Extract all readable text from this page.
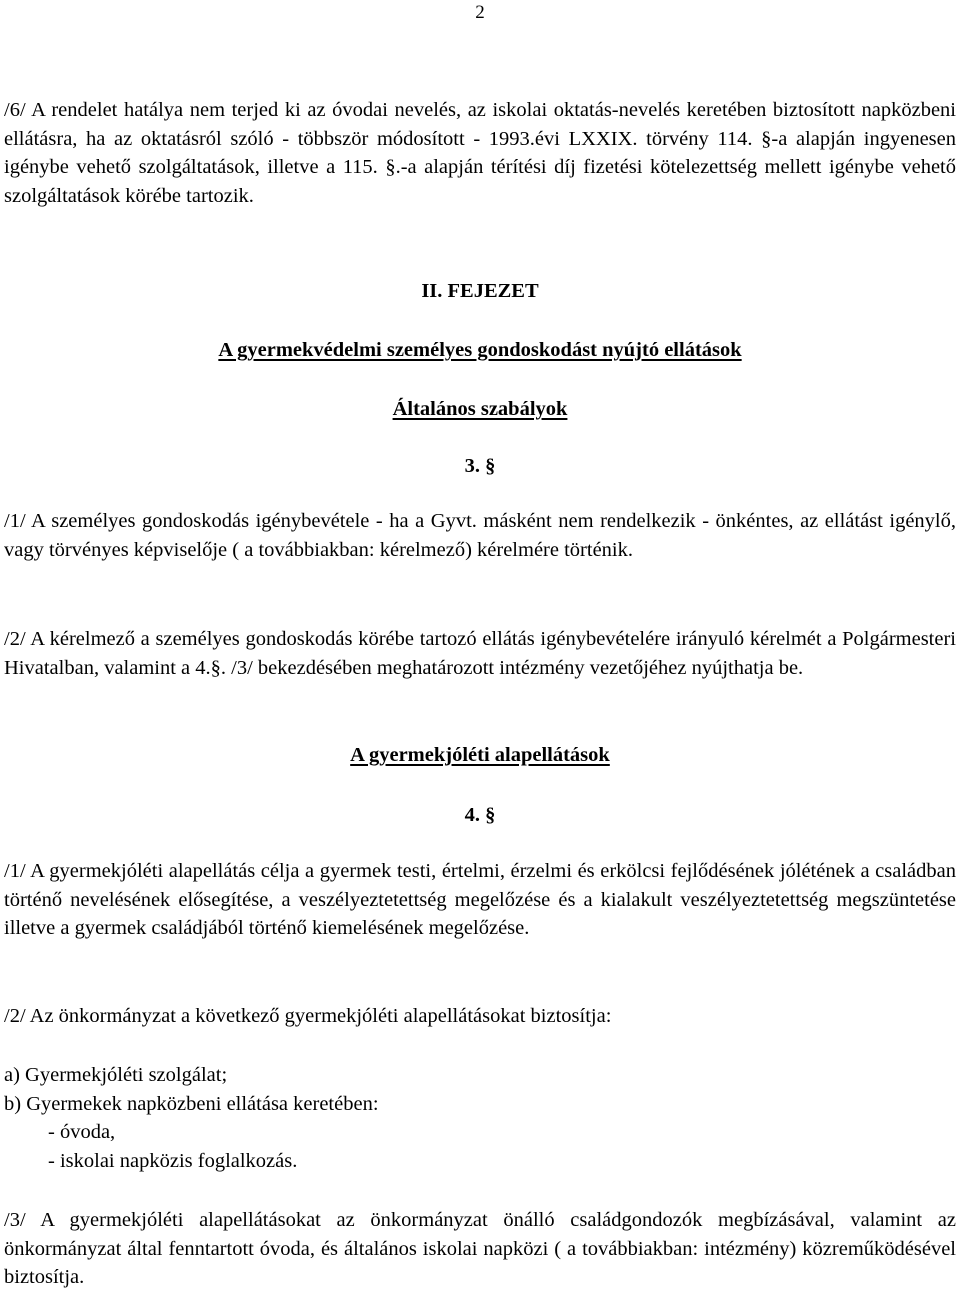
2
/6/ A rendelet hatálya nem terjed ki az óvodai nevelés, az iskolai oktatás-nevelés keretében biztosított napközbeni ellátásra, ha az oktatásról szóló - többször módosított - 1993.évi LXXIX. törvény 114. §-a alapján ingyenesen igénybe vehető szolgáltatások, illetve a 115. §.-a alapján térítési díj fizetési kötelezettség mellett igénybe vehető szolgáltatások körébe tartozik.
II. FEJEZET
A gyermekvédelmi személyes gondoskodást nyújtó ellátások
Általános szabályok
3. §
/1/ A személyes gondoskodás igénybevétele - ha a Gyvt. másként nem rendelkezik - önkéntes, az ellátást igénylő, vagy törvényes képviselője ( a továbbiakban: kérelmező) kérelmére történik.
/2/ A kérelmező a személyes gondoskodás körébe tartozó ellátás igénybevételére irányuló kérelmét a Polgármesteri Hivatalban, valamint a 4.§. /3/ bekezdésében meghatározott intézmény vezetőjéhez nyújthatja be.
A gyermekjóléti alapellátások
4. §
/1/ A gyermekjóléti alapellátás célja a gyermek testi, értelmi, érzelmi és erkölcsi fejlődésének jólétének a családban történő nevelésének elősegítése, a veszélyeztetettség megelőzése és a kialakult veszélyeztetettség megszüntetése illetve a gyermek családjából történő kiemelésének megelőzése.
/2/ Az önkormányzat a következő gyermekjóléti alapellátásokat biztosítja:
a) Gyermekjóléti szolgálat;
b) Gyermekek napközbeni ellátása keretében:
- óvoda,
- iskolai napközis foglalkozás.
/3/ A gyermekjóléti alapellátásokat az önkormányzat önálló családgondozók megbízásával, valamint az önkormányzat által fenntartott óvoda, és általános iskolai napközi ( a továbbiakban: intézmény) közreműködésével biztosítja.
